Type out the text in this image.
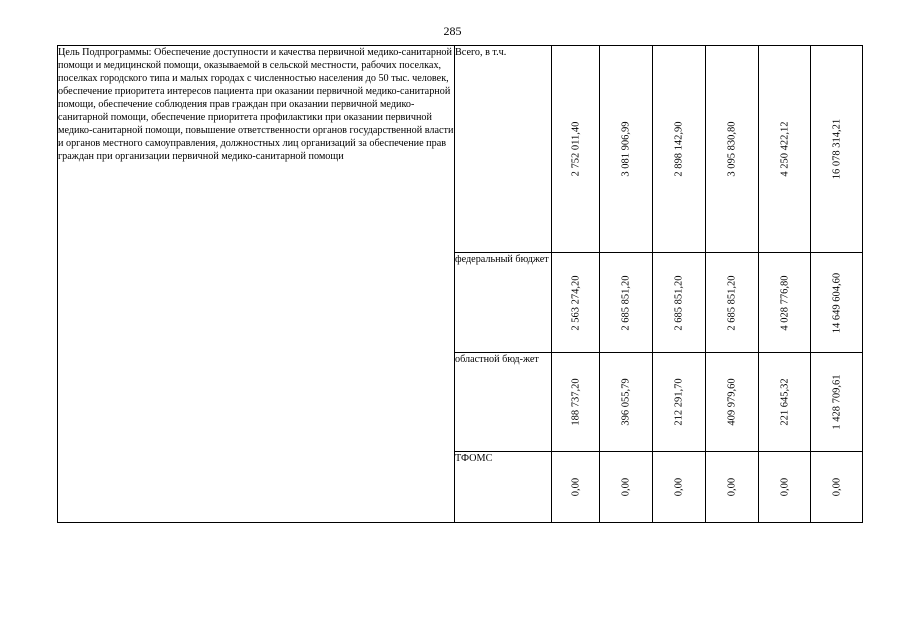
285
Цель Подпрограммы: Обеспечение доступности и качества первичной медико-санитарной помощи и медицинской помощи, оказываемой в сельской местности, рабочих поселках, поселках городского типа и малых городах с численностью населения до 50 тыс. человек, обеспечение приоритета интересов пациента при оказании первичной медико-санитарной помощи, обеспечение соблюдения прав граждан при оказании первичной медико-санитарной помощи, обеспечение приоритета профилактики при оказании первичной медико-санитарной помощи, повышение ответственности органов государственной власти и органов местного самоуправления, должностных лиц организаций за обеспечение прав граждан при организации первичной медико-санитарной помощи	Всего, в т.ч.	2 752 011,40	3 081 906,99	2 898 142,90	3 095 830,80	4 250 422,12	16 078 314,21

	федеральный бюджет	2 563 274,20	2 685 851,20	2 685 851,20	2 685 851,20	4 028 776,80	14 649 604,60

	областной бюд-жет	188 737,20	396 055,79	212 291,70	409 979,60	221 645,32	1 428 709,61

	ТФОМС	0,00	0,00	0,00	0,00	0,00	0,00
